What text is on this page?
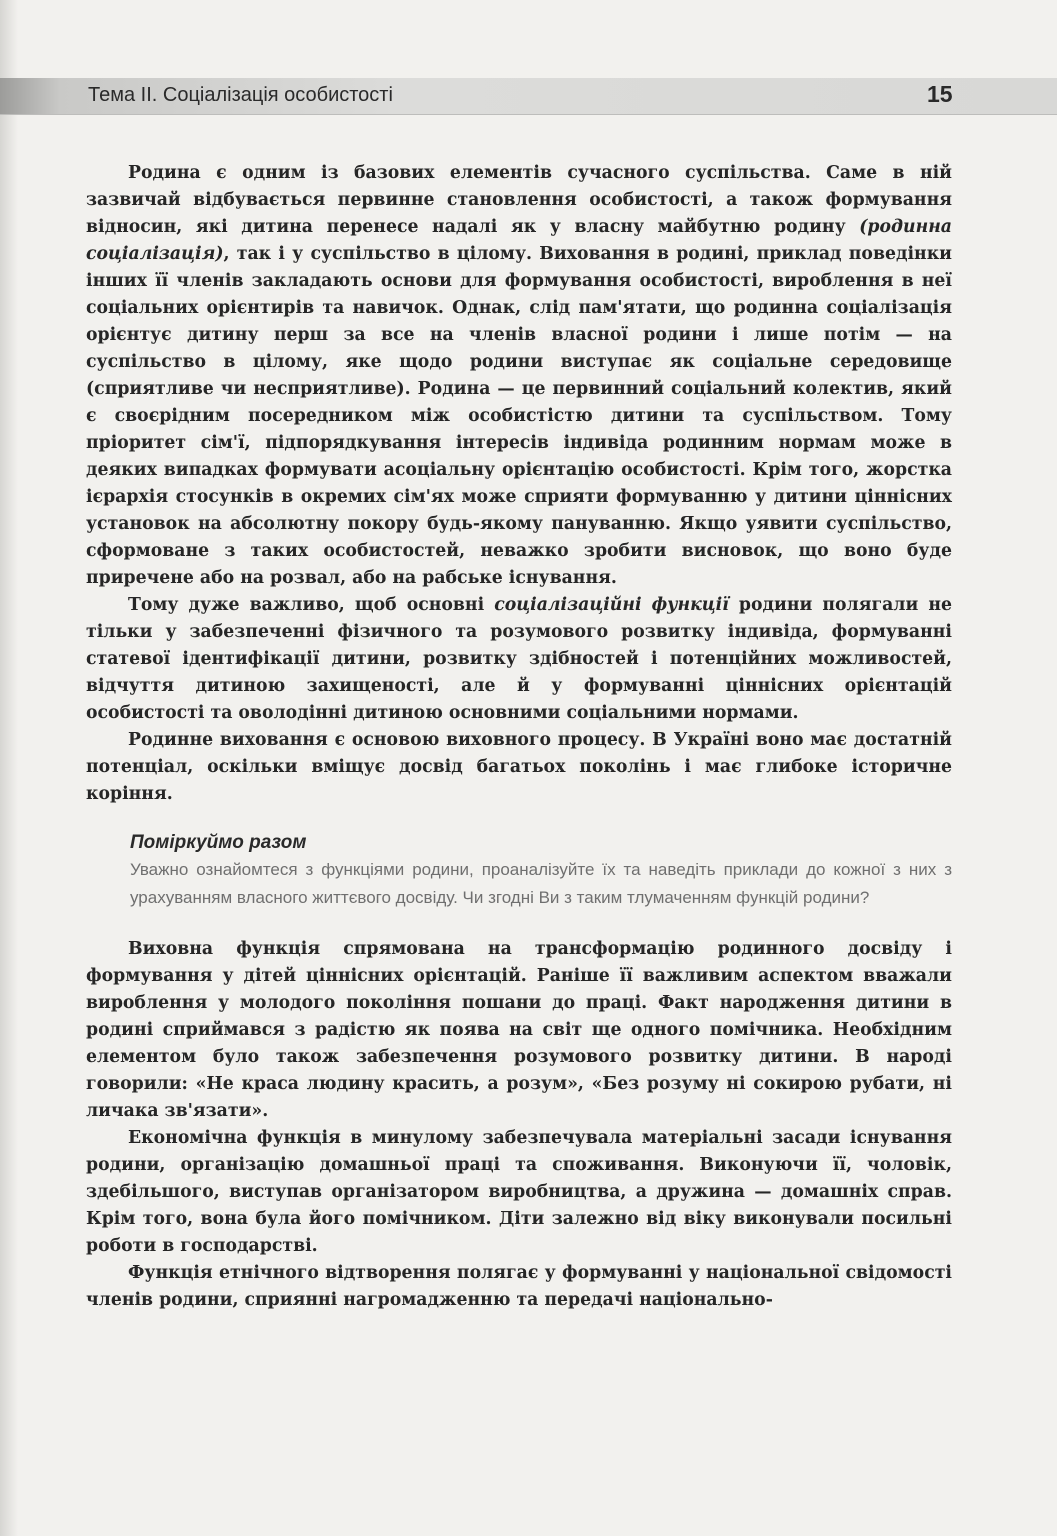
Тема II. Соціалізація особистості	15

Родина є одним із базових елементів сучасного суспільства. Саме в ній зазвичай відбувається первинне становлення особистості, а також формування відносин, які дитина перенесе надалі як у власну майбутню родину (родинна соціалізація), так і у суспільство в цілому. Виховання в родині, приклад поведінки інших її членів закладають основи для формування особистості, вироблення в неї соціальних орієнтирів та навичок. Однак, слід пам'ятати, що родинна соціалізація орієнтує дитину перш за все на членів власної родини і лише потім — на суспільство в цілому, яке щодо родини виступає як соціальне середовище (сприятливе чи несприятливе). Родина — це первинний соціальний колектив, який є своєрідним посередником між особистістю дитини та суспільством. Тому пріоритет сім'ї, підпорядкування інтересів індивіда родинним нормам може в деяких випадках формувати асоціальну орієнтацію особистості. Крім того, жорстка ієрархія стосунків в окремих сім'ях може сприяти формуванню у дитини ціннісних установок на абсолютну покору будь-якому пануванню. Якщо уявити суспільство, сформоване з таких особистостей, неважко зробити висновок, що воно буде приречене або на розвал, або на рабське існування.

Тому дуже важливо, щоб основні соціалізаційні функції родини полягали не тільки у забезпеченні фізичного та розумового розвитку індивіда, формуванні статевої ідентифікації дитини, розвитку здібностей і потенційних можливостей, відчуття дитиною захищеності, але й у формуванні ціннісних орієнтацій особистості та оволодінні дитиною основними соціальними нормами.

Родинне виховання є основою виховного процесу. В Україні воно має достатній потенціал, оскільки вміщує досвід багатьох поколінь і має глибоке історичне коріння.

Поміркуймо разом
Уважно ознайомтеся з функціями родини, проаналізуйте їх та наведіть приклади до кожної з них з урахуванням власного життєвого досвіду. Чи згодні Ви з таким тлумаченням функцій родини?

Виховна функція спрямована на трансформацію родинного досвіду і формування у дітей ціннісних орієнтацій. Раніше її важливим аспектом вважали вироблення у молодого покоління пошани до праці. Факт народження дитини в родині сприймався з радістю як поява на світ ще одного помічника. Необхідним елементом було також забезпечення розумового розвитку дитини. В народі говорили: «Не краса людину красить, а розум», «Без розуму ні сокирою рубати, ні личака зв'язати».

Економічна функція в минулому забезпечувала матеріальні засади існування родини, організацію домашньої праці та споживання. Виконуючи її, чоловік, здебільшого, виступав організатором виробництва, а дружина — домашніх справ. Крім того, вона була його помічником. Діти залежно від віку виконували посильні роботи в господарстві.

Функція етнічного відтворення полягає у формуванні у національної свідомості членів родини, сприянні нагромадженню та передачі національно-
